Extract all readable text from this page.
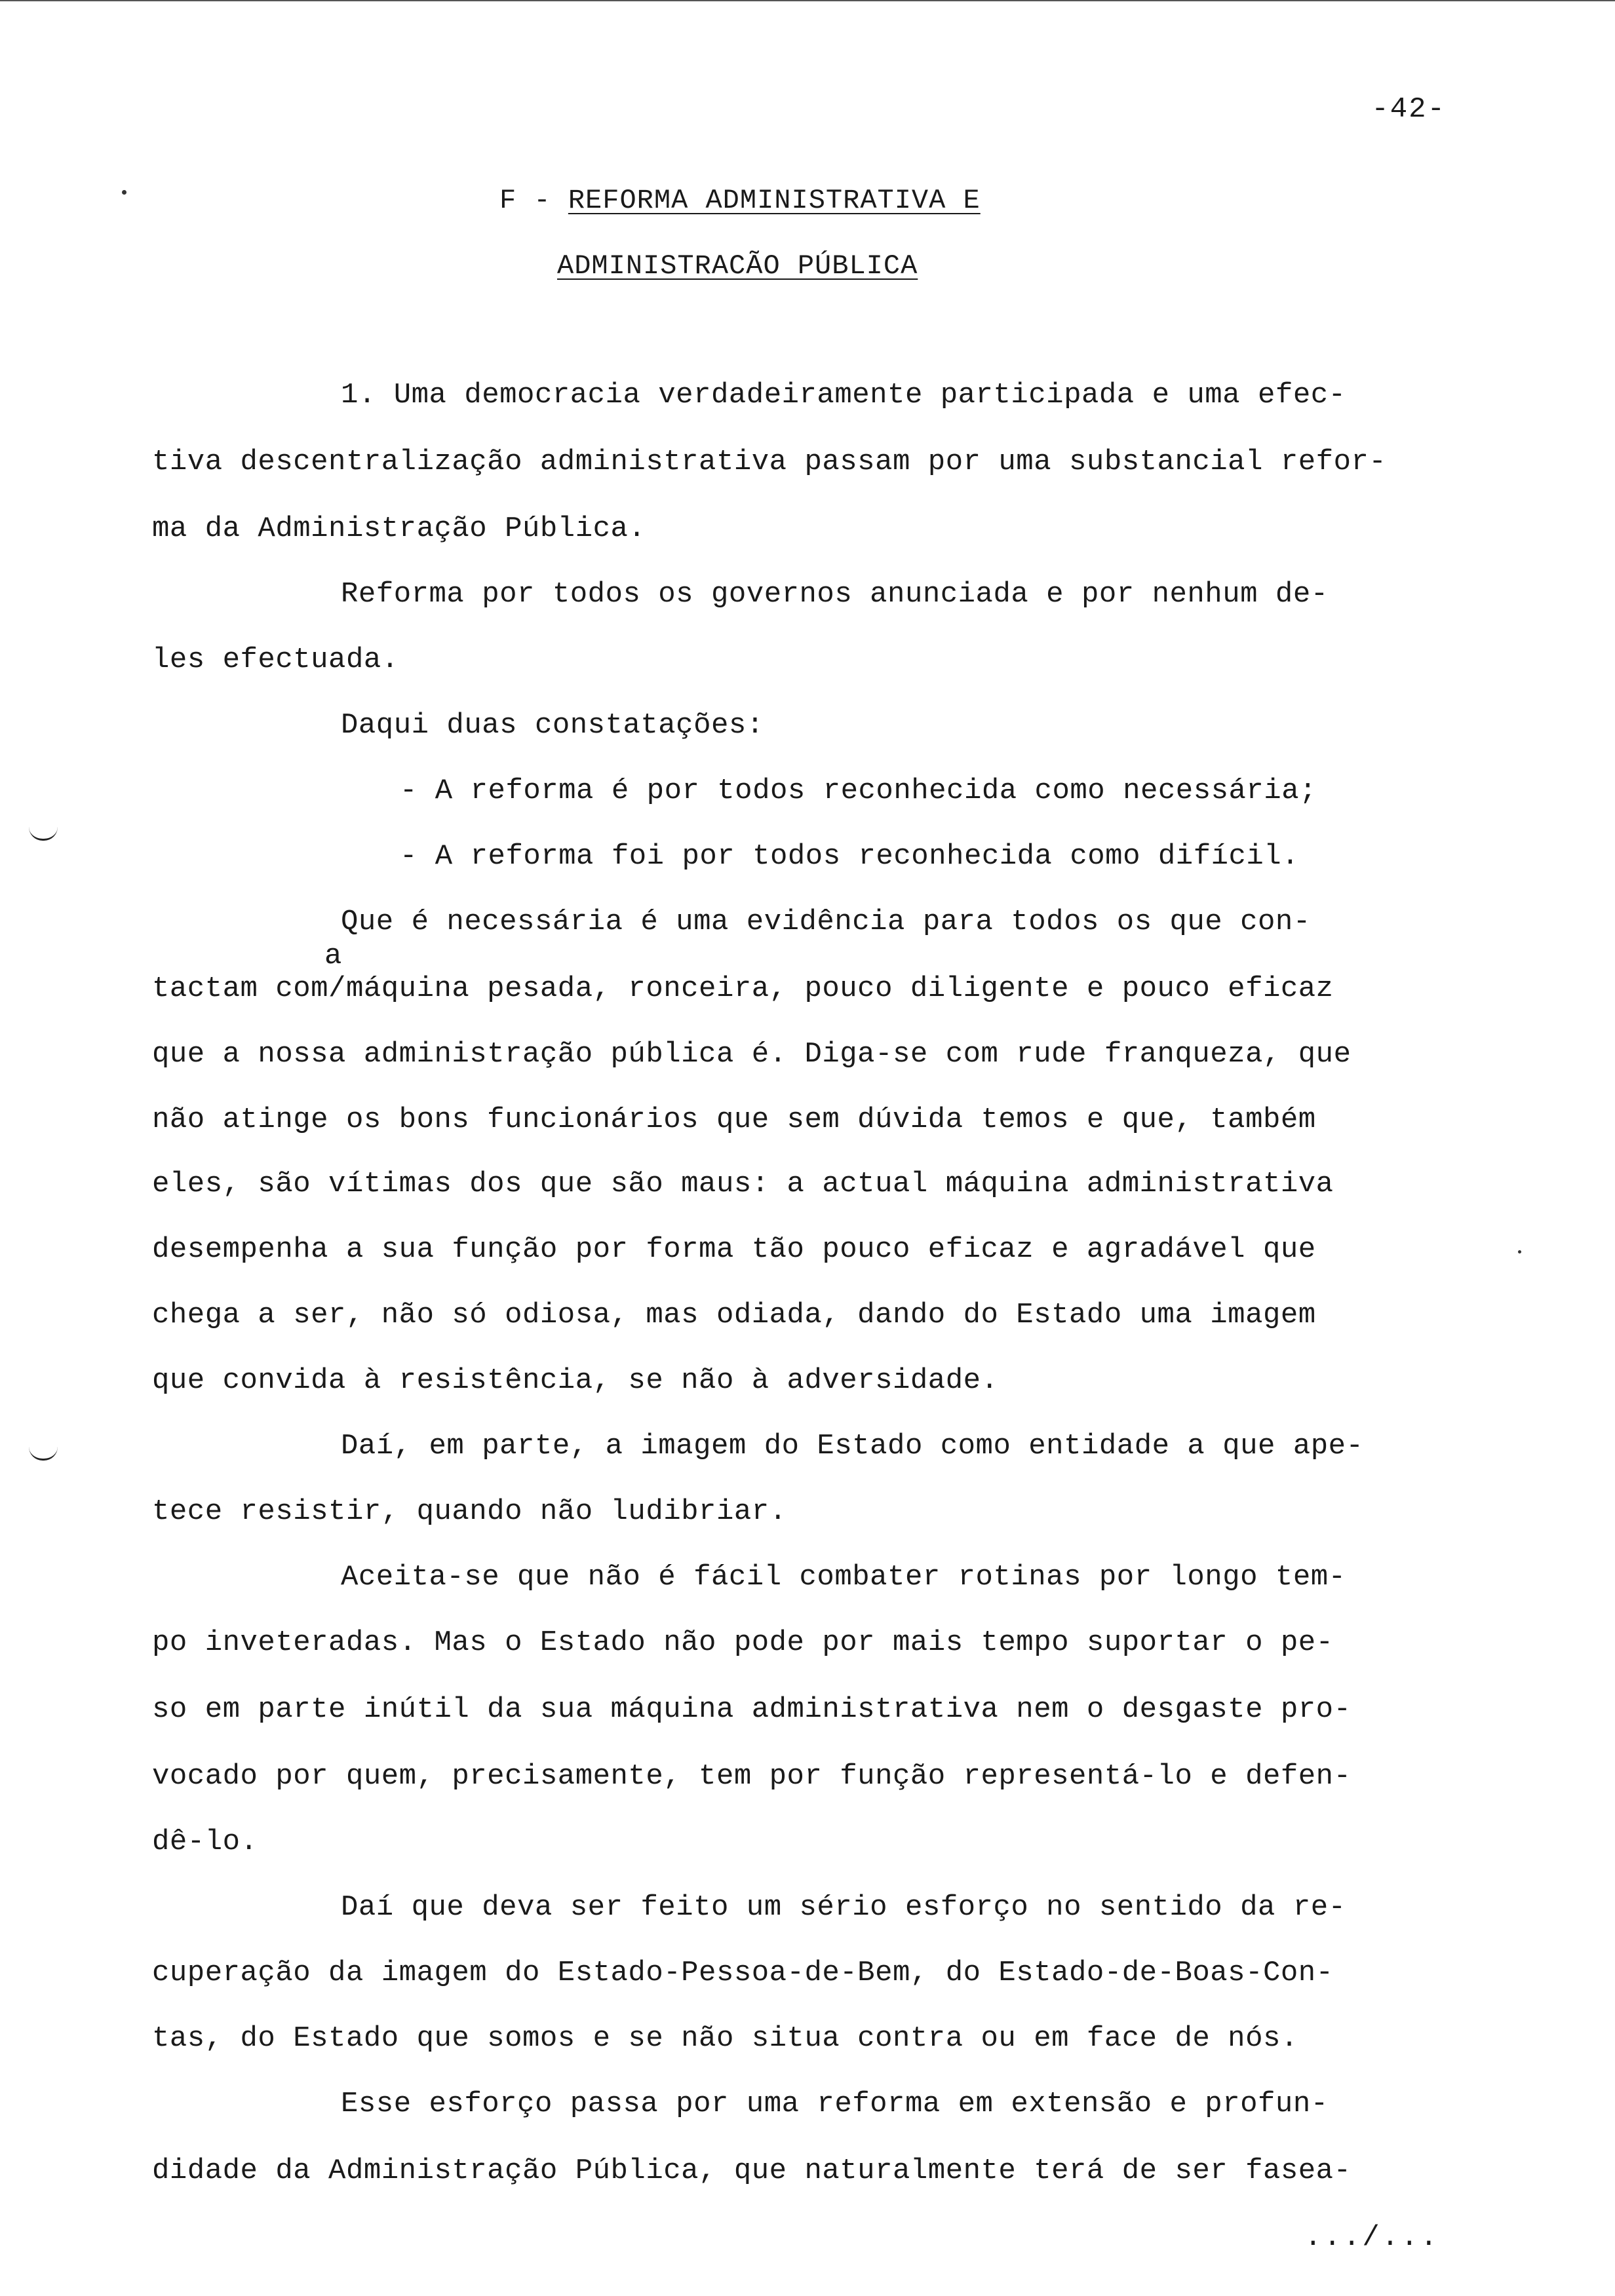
-42-
F - REFORMA ADMINISTRATIVA E
ADMINISTRACÃO PÚBLICA
1. Uma democracia verdadeiramente participada e uma efec-
tiva descentralização administrativa passam por uma substancial refor-
ma da Administração Pública.
Reforma por todos os governos anunciada e por nenhum de-
les efectuada.
Daqui duas constatações:
- A reforma é por todos reconhecida como necessária;
- A reforma foi por todos reconhecida como difícil.
Que é necessária é uma evidência para todos os que con-
a
tactam com/máquina pesada, ronceira, pouco diligente e pouco eficaz
que a nossa administração pública é. Diga-se com rude franqueza, que
não atinge os bons funcionários que sem dúvida temos e que, também
eles, são vítimas dos que são maus: a actual máquina administrativa
desempenha a sua função por forma tão pouco eficaz e agradável que
chega a ser, não só odiosa, mas odiada, dando do Estado uma imagem
que convida à resistência, se não à adversidade.
Daí, em parte, a imagem do Estado como entidade a que ape-
tece resistir, quando não ludibriar.
Aceita-se que não é fácil combater rotinas por longo tem-
po inveteradas. Mas o Estado não pode por mais tempo suportar o pe-
so em parte inútil da sua máquina administrativa nem o desgaste pro-
vocado por quem, precisamente, tem por função representá-lo e defen-
dê-lo.
Daí que deva ser feito um sério esforço no sentido da re-
cuperação da imagem do Estado-Pessoa-de-Bem, do Estado-de-Boas-Con-
tas, do Estado que somos e se não situa contra ou em face de nós.
Esse esforço passa por uma reforma em extensão e profun-
didade da Administração Pública, que naturalmente terá de ser fasea-
.../...
